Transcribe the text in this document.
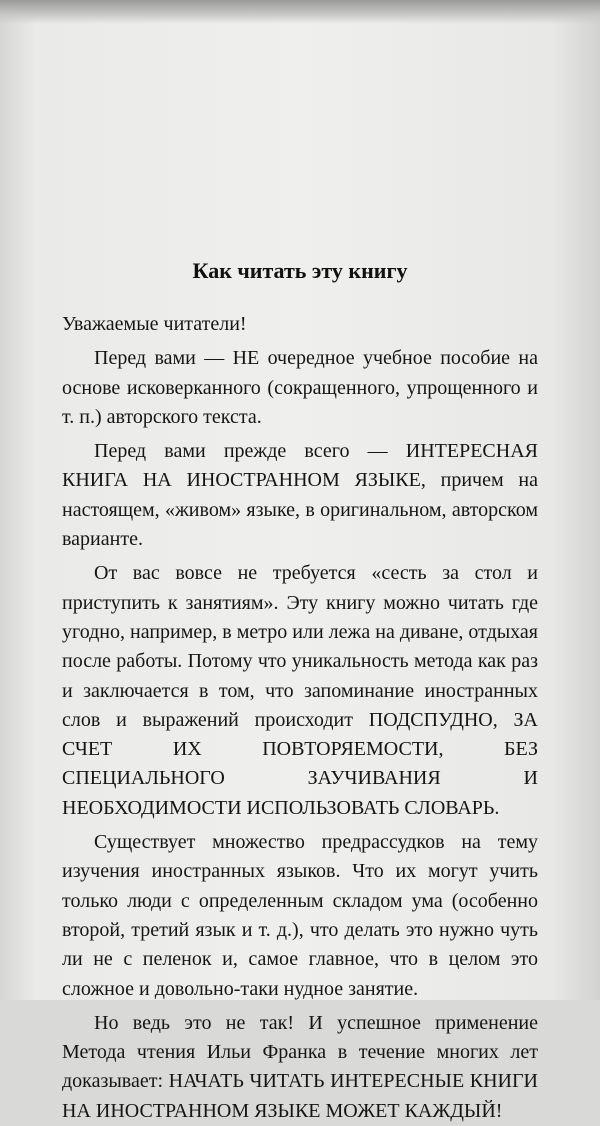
Как читать эту книгу

Уважаемые читатели!

Перед вами — НЕ очередное учебное пособие на основе исковерканного (сокращенного, упрощенного и т. п.) авторского текста.

Перед вами прежде всего — ИНТЕРЕСНАЯ КНИГА НА ИНОСТРАННОМ ЯЗЫКЕ, причем на настоящем, «живом» языке, в оригинальном, авторском варианте.

От вас вовсе не требуется «сесть за стол и приступить к занятиям». Эту книгу можно читать где угодно, например, в метро или лежа на диване, отдыхая после работы. Потому что уникальность метода как раз и заключается в том, что запоминание иностранных слов и выражений происходит ПОДСПУДНО, ЗА СЧЕТ ИХ ПОВТОРЯЕМОСТИ, БЕЗ СПЕЦИАЛЬНОГО ЗАУЧИВАНИЯ И НЕОБХОДИМОСТИ ИСПОЛЬЗОВАТЬ СЛОВАРЬ.

Существует множество предрассудков на тему изучения иностранных языков. Что их могут учить только люди с определенным складом ума (особенно второй, третий язык и т. д.), что делать это нужно чуть ли не с пеленок и, самое главное, что в целом это сложное и довольно-таки нудное занятие.

Но ведь это не так! И успешное применение Метода чтения Ильи Франка в течение многих лет доказывает: НАЧАТЬ ЧИТАТЬ ИНТЕРЕСНЫЕ КНИГИ НА ИНОСТРАННОМ ЯЗЫКЕ МОЖЕТ КАЖДЫЙ!
